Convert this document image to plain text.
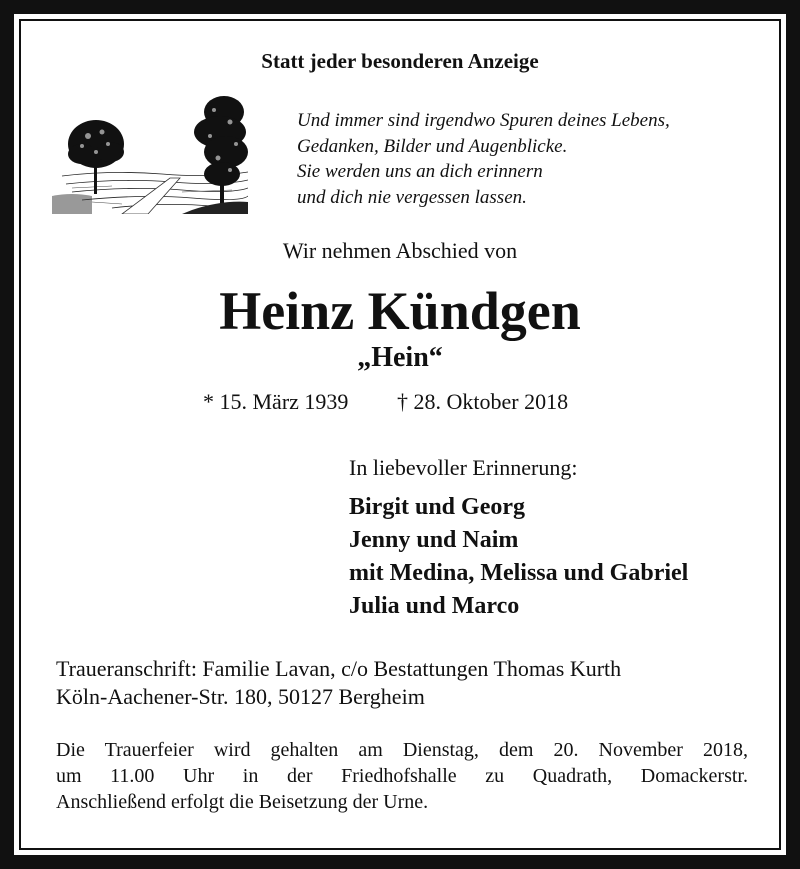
Statt jeder besonderen Anzeige
Und immer sind irgendwo Spuren deines Lebens,
Gedanken, Bilder und Augenblicke.
Sie werden uns an dich erinnern
und dich nie vergessen lassen.
Wir nehmen Abschied von
Heinz Kündgen
„Hein“
* 15. März 1939 † 28. Oktober 2018
In liebevoller Erinnerung:
Birgit und Georg
Jenny und Naim
mit Medina, Melissa und Gabriel
Julia und Marco
Traueranschrift: Familie Lavan, c/o Bestattungen Thomas Kurth
Köln-Aachener-Str. 180, 50127 Bergheim
Die Trauerfeier wird gehalten am Dienstag, dem 20. November 2018,
um 11.00 Uhr in der Friedhofshalle zu Quadrath, Domackerstr.
Anschließend erfolgt die Beisetzung der Urne.
